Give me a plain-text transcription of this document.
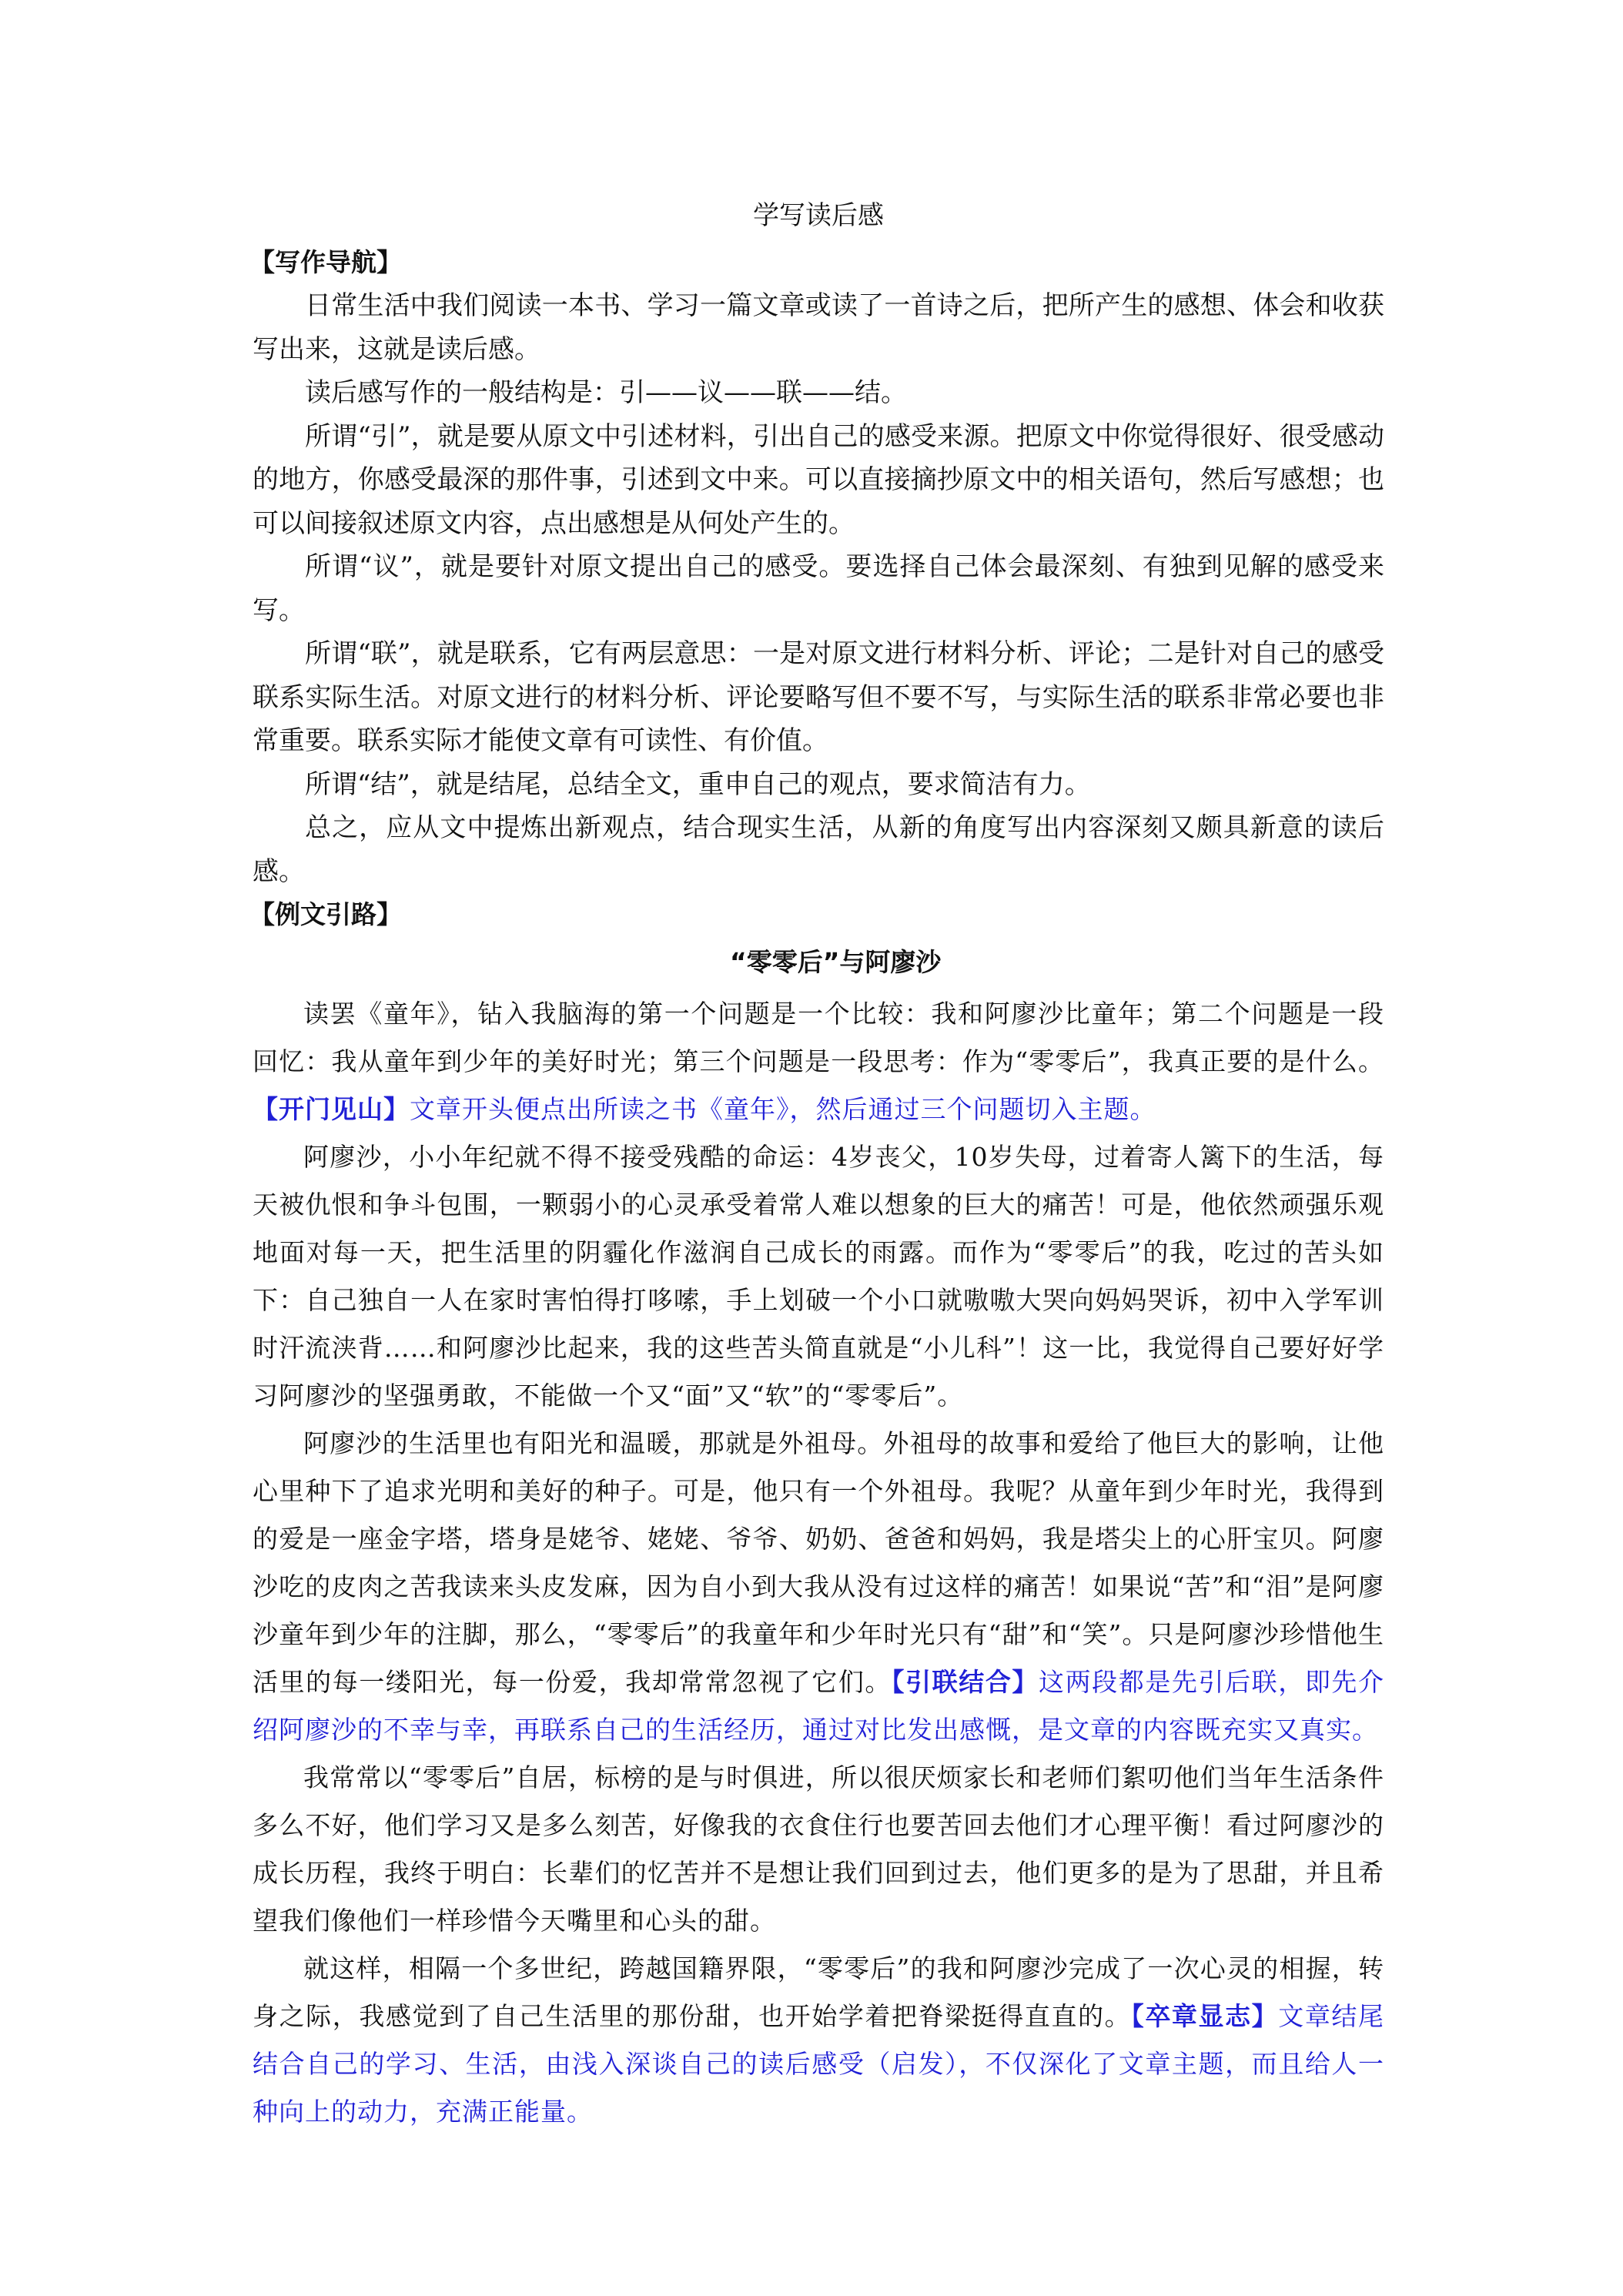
学写读后感
【写作导航】

日常生活中我们阅读一本书、学习一篇文章或读了一首诗之后，把所产生的感想、体会和收获写出来，这就是读后感。

读后感写作的一般结构是：引——议——联——结。

所谓“引”，就是要从原文中引述材料，引出自己的感受来源。把原文中你觉得很好、很受感动的地方，你感受最深的那件事，引述到文中来。可以直接摘抄原文中的相关语句，然后写感想；也可以间接叙述原文内容，点出感想是从何处产生的。

所谓“议”，就是要针对原文提出自己的感受。要选择自己体会最深刻、有独到见解的感受来写。

所谓“联”，就是联系，它有两层意思：一是对原文进行材料分析、评论；二是针对自己的感受联系实际生活。对原文进行的材料分析、评论要略写但不要不写，与实际生活的联系非常必要也非常重要。联系实际才能使文章有可读性、有价值。

所谓“结”，就是结尾，总结全文，重申自己的观点，要求简洁有力。

总之，应从文中提炼出新观点，结合现实生活，从新的角度写出内容深刻又颇具新意的读后感。

【例文引路】
“零零后”与阿廖沙

读罢《童年》，钻入我脑海的第一个问题是一个比较：我和阿廖沙比童年；第二个问题是一段回忆：我从童年到少年的美好时光；第三个问题是一段思考：作为“零零后”，我真正要的是什么。【开门见山】文章开头便点出所读之书《童年》，然后通过三个问题切入主题。

阿廖沙，小小年纪就不得不接受残酷的命运：4岁丧父，10岁失母，过着寄人篱下的生活，每天被仇恨和争斗包围，一颗弱小的心灵承受着常人难以想象的巨大的痛苦！可是，他依然顽强乐观地面对每一天，把生活里的阴霾化作滋润自己成长的雨露。而作为“零零后”的我，吃过的苦头如下：自己独自一人在家时害怕得打哆嗦，手上划破一个小口就嗷嗷大哭向妈妈哭诉，初中入学军训时汗流浃背……和阿廖沙比起来，我的这些苦头简直就是“小儿科”！这一比，我觉得自己要好好学习阿廖沙的坚强勇敢，不能做一个又“面”又“软”的“零零后”。

阿廖沙的生活里也有阳光和温暖，那就是外祖母。外祖母的故事和爱给了他巨大的影响，让他心里种下了追求光明和美好的种子。可是，他只有一个外祖母。我呢？从童年到少年时光，我得到的爱是一座金字塔，塔身是姥爷、姥姥、爷爷、奶奶、爸爸和妈妈，我是塔尖上的心肝宝贝。阿廖沙吃的皮肉之苦我读来头皮发麻，因为自小到大我从没有过这样的痛苦！如果说“苦”和“泪”是阿廖沙童年到少年的注脚，那么，“零零后”的我童年和少年时光只有“甜”和“笑”。只是阿廖沙珍惜他生活里的每一缕阳光，每一份爱，我却常常忽视了它们。【引联结合】这两段都是先引后联，即先介绍阿廖沙的不幸与幸，再联系自己的生活经历，通过对比发出感慨，是文章的内容既充实又真实。

我常常以“零零后”自居，标榜的是与时俱进，所以很厌烦家长和老师们絮叨他们当年生活条件多么不好，他们学习又是多么刻苦，好像我的衣食住行也要苦回去他们才心理平衡！看过阿廖沙的成长历程，我终于明白：长辈们的忆苦并不是想让我们回到过去，他们更多的是为了思甜，并且希望我们像他们一样珍惜今天嘴里和心头的甜。

就这样，相隔一个多世纪，跨越国籍界限，“零零后”的我和阿廖沙完成了一次心灵的相握，转身之际，我感觉到了自己生活里的那份甜，也开始学着把脊梁挺得直直的。【卒章显志】文章结尾结合自己的学习、生活，由浅入深谈自己的读后感受（启发），不仅深化了文章主题，而且给人一种向上的动力，充满正能量。
